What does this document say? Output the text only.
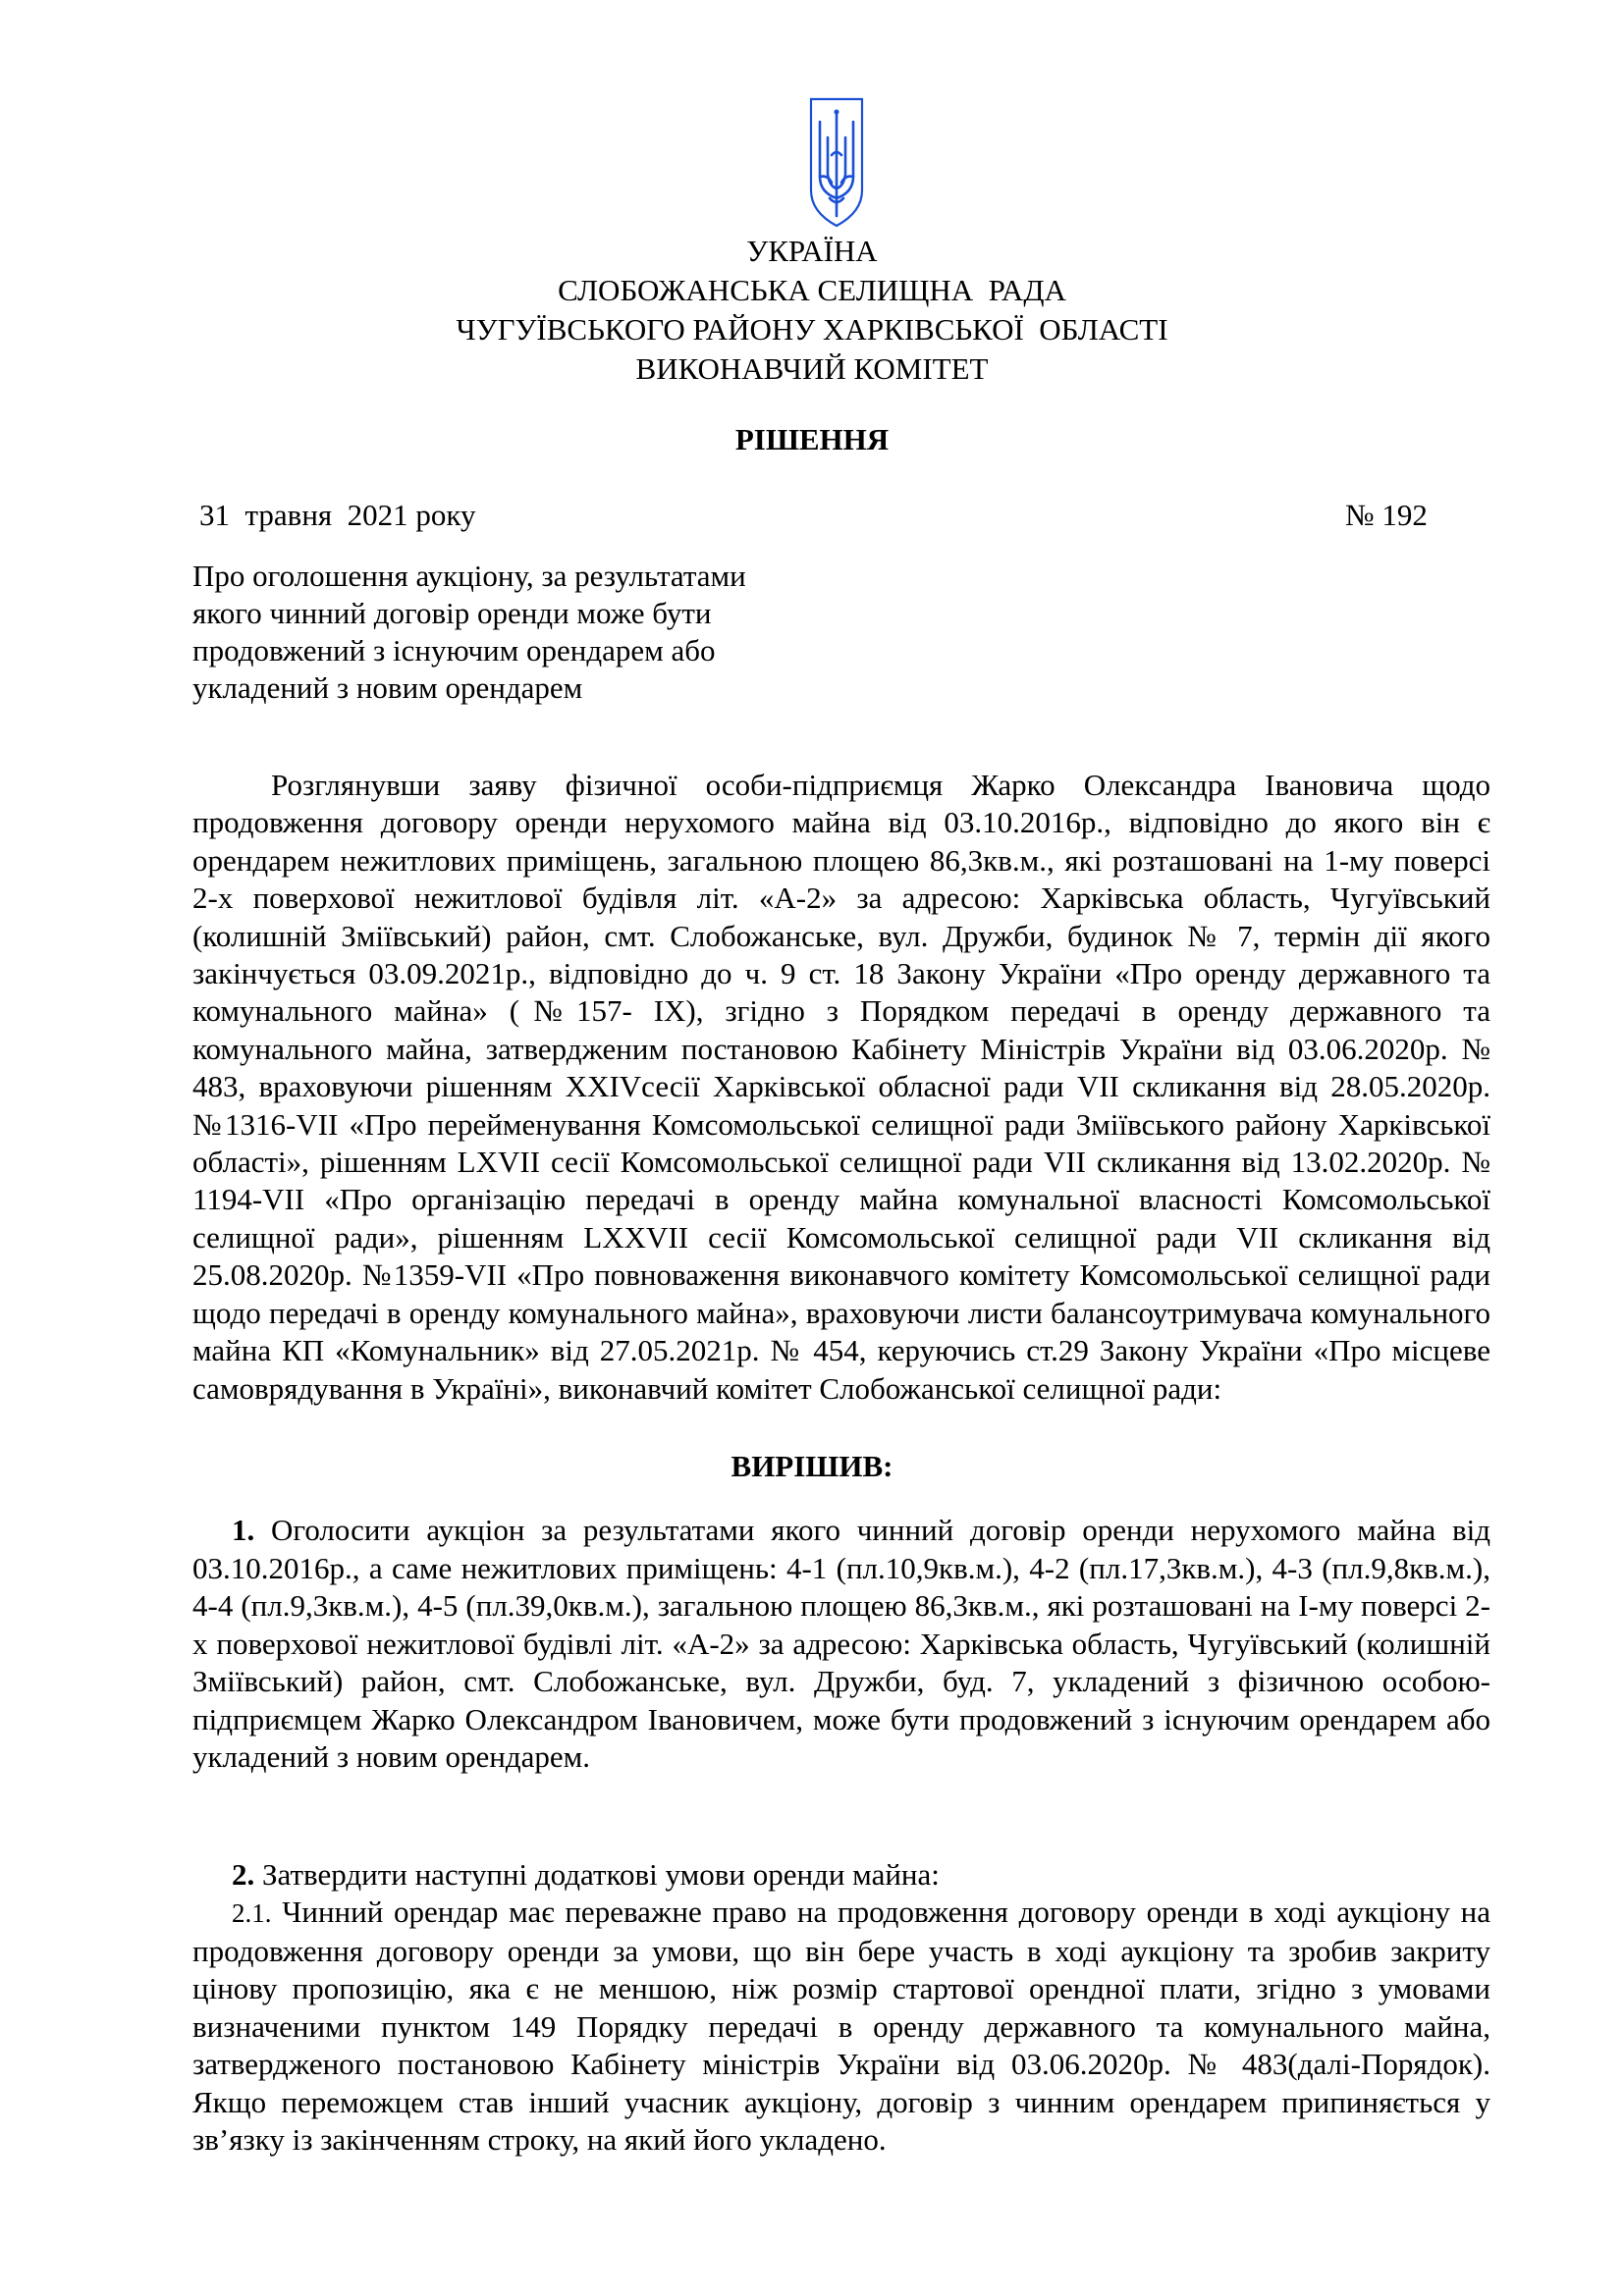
УКРАЇНА
СЛОБОЖАНСЬКА СЕЛИЩНА  РАДА
ЧУГУЇВСЬКОГО РАЙОНУ ХАРКІВСЬКОЇ  ОБЛАСТІ
ВИКОНАВЧИЙ КОМІТЕТ
РІШЕННЯ
31  травня  2021 року	№ 192
Про оголошення аукціону, за результатами
якого чинний договір оренди може бути
продовжений з існуючим орендарем або
укладений з новим орендарем

Розглянувши заяву фізичної особи-підприємця Жарко Олександра Івановича щодо продовження договору оренди нерухомого майна від 03.10.2016р., відповідно до якого він є орендарем нежитлових приміщень, загальною площею 86,3кв.м., які розташовані на 1-му поверсі 2-х поверхової нежитлової будівля літ. «А-2» за адресою: Харківська область, Чугуївський (колишній Зміївський) район, смт. Слобожанське, вул. Дружби, будинок № 7, термін дії якого закінчується 03.09.2021р., відповідно до ч. 9 ст. 18 Закону України «Про оренду державного та комунального майна» (№157- IX), згідно з Порядком передачі в оренду державного та комунального майна, затвердженим постановою Кабінету Міністрів України від 03.06.2020р. № 483, враховуючи рішенням XXIVсесії Харківської обласної ради VII скликання від 28.05.2020р. №1316-VII «Про перейменування Комсомольської селищної ради Зміївського району Харківської області», рішенням LXVII сесії Комсомольської селищної ради VII скликання від 13.02.2020р. № 1194-VII «Про організацію передачі в оренду майна комунальної власності Комсомольської селищної ради», рішенням LXXVII сесії Комсомольської селищної ради VII скликання від 25.08.2020р. №1359-VII «Про повноваження виконавчого комітету Комсомольської селищної ради щодо передачі в оренду комунального майна», враховуючи листи балансоутримувача комунального майна КП «Комунальник» від 27.05.2021р. № 454, керуючись ст.29 Закону України «Про місцеве самоврядування в Україні», виконавчий комітет Слобожанської селищної ради:

ВИРІШИВ:

1. Оголосити аукціон за результатами якого чинний договір оренди нерухомого майна від 03.10.2016р., а саме нежитлових приміщень: 4-1 (пл.10,9кв.м.), 4-2 (пл.17,3кв.м.), 4-3 (пл.9,8кв.м.), 4-4 (пл.9,3кв.м.), 4-5 (пл.39,0кв.м.), загальною площею 86,3кв.м., які розташовані на І-му поверсі 2-х поверхової нежитлової будівлі літ. «А-2» за адресою: Харківська область, Чугуївський (колишній Зміївський) район, смт. Слобожанське, вул. Дружби, буд. 7, укладений з фізичною особою-підприємцем Жарко Олександром Івановичем, може бути продовжений з існуючим орендарем або укладений з новим орендарем.

2. Затвердити наступні додаткові умови оренди майна:

2.1. Чинний орендар має переважне право на продовження договору оренди в ході аукціону на продовження договору оренди за умови, що він бере участь в ході аукціону та зробив закриту цінову пропозицію, яка є не меншою, ніж розмір стартової орендної плати, згідно з умовами визначеними пунктом 149 Порядку передачі в оренду державного та комунального майна, затвердженого постановою Кабінету міністрів України від 03.06.2020р. № 483(далі-Порядок). Якщо переможцем став інший учасник аукціону, договір з чинним орендарем припиняється у зв’язку із закінченням строку, на який його укладено.
